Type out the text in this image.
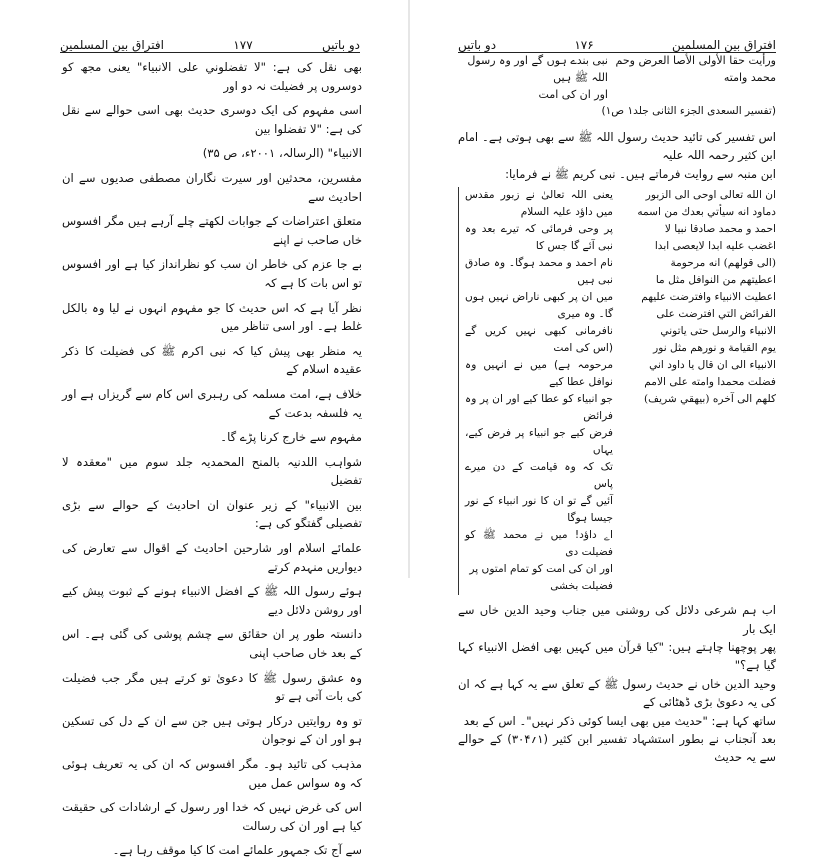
دو باتیں
۱۷۷
افتراق بین المسلمین
بھی نقل کی ہے: "لا تفضلوني على الانبياء" یعنی مجھ کو دوسروں پر فضیلت نہ دو اور
اسی مفہوم کی ایک دوسری حدیث بھی اسی حوالے سے نقل کی ہے: "لا تفضلوا بين
الانبياء" (الرسالہ، ۲۰۰۱ء، ص ۳۵)
مفسرین، محدثین اور سیرت نگاران مصطفی صدیوں سے ان احادیث سے
متعلق اعتراضات کے جوابات لکھتے چلے آرہے ہیں مگر افسوس خاں صاحب نے اپنے
بے جا عزم کی خاطر ان سب کو نظرانداز کیا ہے اور افسوس تو اس بات کا ہے کہ
نظر آیا ہے کہ اس حدیث کا جو مفہوم انہوں نے لیا وہ بالکل غلط ہے۔ اور اسی تناظر میں
یہ منظر بھی پیش کیا کہ نبی اکرم ﷺ کی فضیلت کا ذکر عقیدہ اسلام کے
خلاف ہے، امت مسلمہ کی رہبری اس کام سے گریزاں ہے اور یہ فلسفہ بدعت کے
مفہوم سے خارج کرنا پڑے گا۔
شواہب اللدنیہ بالمنح المحمدیہ جلد سوم میں "معقدہ لا تفضیل
بین الانبیاء" کے زیر عنوان ان احادیث کے حوالے سے بڑی تفصیلی گفتگو کی ہے:
علمائے اسلام اور شارحین احادیث کے اقوال سے تعارض کی دیواریں منہدم کرتے
ہوئے رسول اللہ ﷺ کے افضل الانبیاء ہونے کے ثبوت پیش کیے اور روشن دلائل دیے
دانستہ طور پر ان حقائق سے چشم پوشی کی گئی ہے۔ اس کے بعد خاں صاحب اپنی
وہ عشق رسول ﷺ کا دعویٰ تو کرتے ہیں مگر جب فضیلت کی بات آتی ہے تو
تو وہ روایتیں درکار ہوتی ہیں جن سے ان کے دل کی تسکین ہو اور ان کے نوجوان
مذہب کی تائید ہو۔ مگر افسوس کہ ان کی یہ تعریف ہوئی کہ وہ سواس عمل میں
اس کی غرض نہیں کہ خدا اور رسول کے ارشادات کی حقیقت کیا ہے اور ان کی رسالت
سے آج تک جمہور علمائے امت کا کیا موقف رہا ہے۔
افتراق بین المسلمین
۱۷۶
دو باتیں
ورأيت حقا الأولى الأصا العرض وحم
محمد وامته
نبی بندے ہوں گے اور وہ رسول اللہ ﷺ ہیں
اور ان کی امت
(تفسیر السعدی الجزء الثانی جلد۱ ص۱)
اس تفسیر کی تائید حدیث رسول اللہ ﷺ سے بھی ہوتی ہے۔ امام ابن کثیر رحمہ اللہ علیہ
ابن منبہ سے روایت فرماتے ہیں۔ نبی کریم ﷺ نے فرمایا:
ان الله تعالى اوحى الى الزبور
دماود انه سيأتي بعدك من اسمه
احمد و محمد صادقا نبيا لا
اغضب عليه ابدا لايعصى ابدا
(الى قولهم) انه مرحومة
اعطيتهم من النوافل مثل ما
اعطيت الانبياء وافترضت عليهم
الفرائض التي افترضت على
الانبياء والرسل حتى ياتوني
يوم القيامة و نورهم مثل نور
الانبياء الى ان قال يا داود اني
فضلت محمدا وامته على الامم
كلهم الى آخره (بيهقي شريف)
یعنی اللہ تعالیٰ نے زبور مقدس میں داؤد علیہ السلام
پر وحی فرمائی کہ تیرے بعد وہ نبی آئے گا جس کا
نام احمد و محمد ہوگا۔ وہ صادق نبی ہیں
میں ان پر کبھی ناراض نہیں ہوں گا۔ وہ میری
نافرمانی کبھی نہیں کریں گے (اس کی امت
مرحومہ ہے) میں نے انہیں وہ نوافل عطا کیے
جو انبیاء کو عطا کیے اور ان پر وہ فرائض
فرض کیے جو انبیاء پر فرض کیے، یہاں
تک کہ وہ قیامت کے دن میرے پاس
آئیں گے تو ان کا نور انبیاء کے نور جیسا ہوگا
اے داؤد! میں نے محمد ﷺ کو فضیلت دی
اور ان کی امت کو تمام امتوں پر
فضیلت بخشی
اب ہم شرعی دلائل کی روشنی میں جناب وحید الدین خاں سے ایک بار
پھر پوچھنا چاہتے ہیں: "کیا قرآن میں کہیں بھی افضل الانبیاء کہا گیا ہے؟"
وحید الدین خاں نے حدیث رسول ﷺ کے تعلق سے یہ کہا ہے کہ ان کی یہ دعویٰ بڑی ڈھٹائی کے
ساتھ کہا ہے: "حدیث میں بھی ایسا کوئی ذکر نہیں"۔ اس کے بعد
بعد آنجناب نے بطور استشہاد تفسیر ابن کثیر (۱؍۳۰۴) کے حوالے سے یہ حدیث
